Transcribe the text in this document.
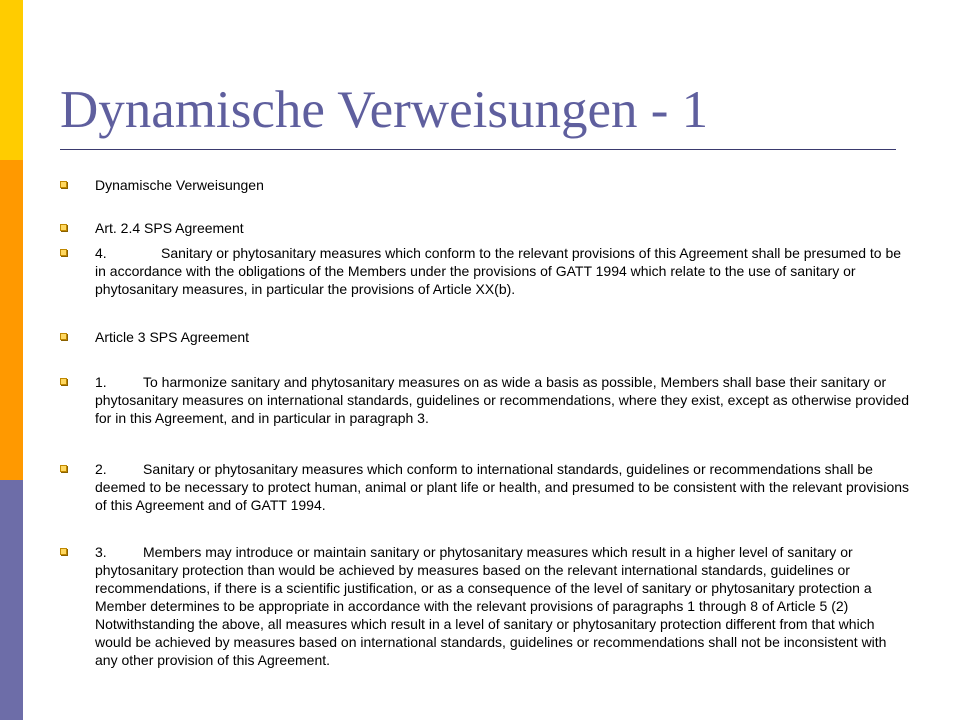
Dynamische Verweisungen - 1
Dynamische Verweisungen
Art. 2.4 SPS Agreement
4.	Sanitary or phytosanitary measures which conform to the relevant provisions of this Agreement shall be presumed to be in accordance with the obligations of the Members under the provisions of GATT 1994 which relate to the use of sanitary or phytosanitary measures, in particular the provisions of Article XX(b).
Article 3 SPS Agreement
1.	To harmonize sanitary and phytosanitary measures on as wide a basis as possible, Members shall base their sanitary or phytosanitary measures on international standards, guidelines or recommendations, where they exist, except as otherwise provided for in this Agreement, and in particular in paragraph 3.
2.	Sanitary or phytosanitary measures which conform to international standards, guidelines or recommendations shall be deemed to be necessary to protect human, animal or plant life or health, and presumed to be consistent with the relevant provisions of this Agreement and of GATT 1994.
3.	Members may introduce or maintain sanitary or phytosanitary measures which result in a higher level of sanitary or phytosanitary protection than would be achieved by measures based on the relevant international standards, guidelines or recommendations, if there is a scientific justification, or as a consequence of the level of sanitary or phytosanitary protection a Member determines to be appropriate in accordance with the relevant provisions of paragraphs 1 through 8 of Article 5 (2)    Notwithstanding the above, all measures which result in a level of sanitary or phytosanitary protection different from that which would be achieved by measures based on international standards, guidelines or recommendations shall not be inconsistent with any other provision of this Agreement.
